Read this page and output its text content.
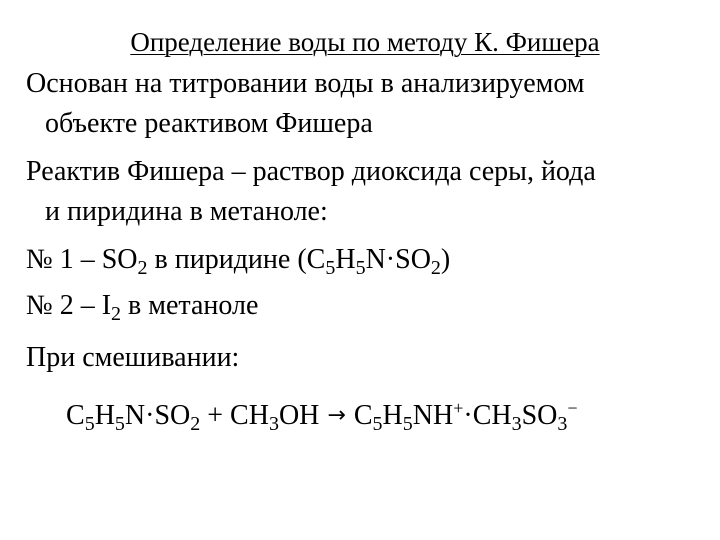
Определение воды по методу К. Фишера
Основан на титровании воды в анализируемом
объекте реактивом Фишера
Реактив Фишера – раствор диоксида серы, йода
и пиридина в метаноле:
№ $1 - SO_2$ в пиридине $(C_5H_5N\cdot SO_2)$
№ $2 - I_2$ в метаноле
При смешивании:
$C_5H_5N\cdot SO_2 + CH_3OH \to C_5H_5NH^+\cdot CH_3SO_3^-$
